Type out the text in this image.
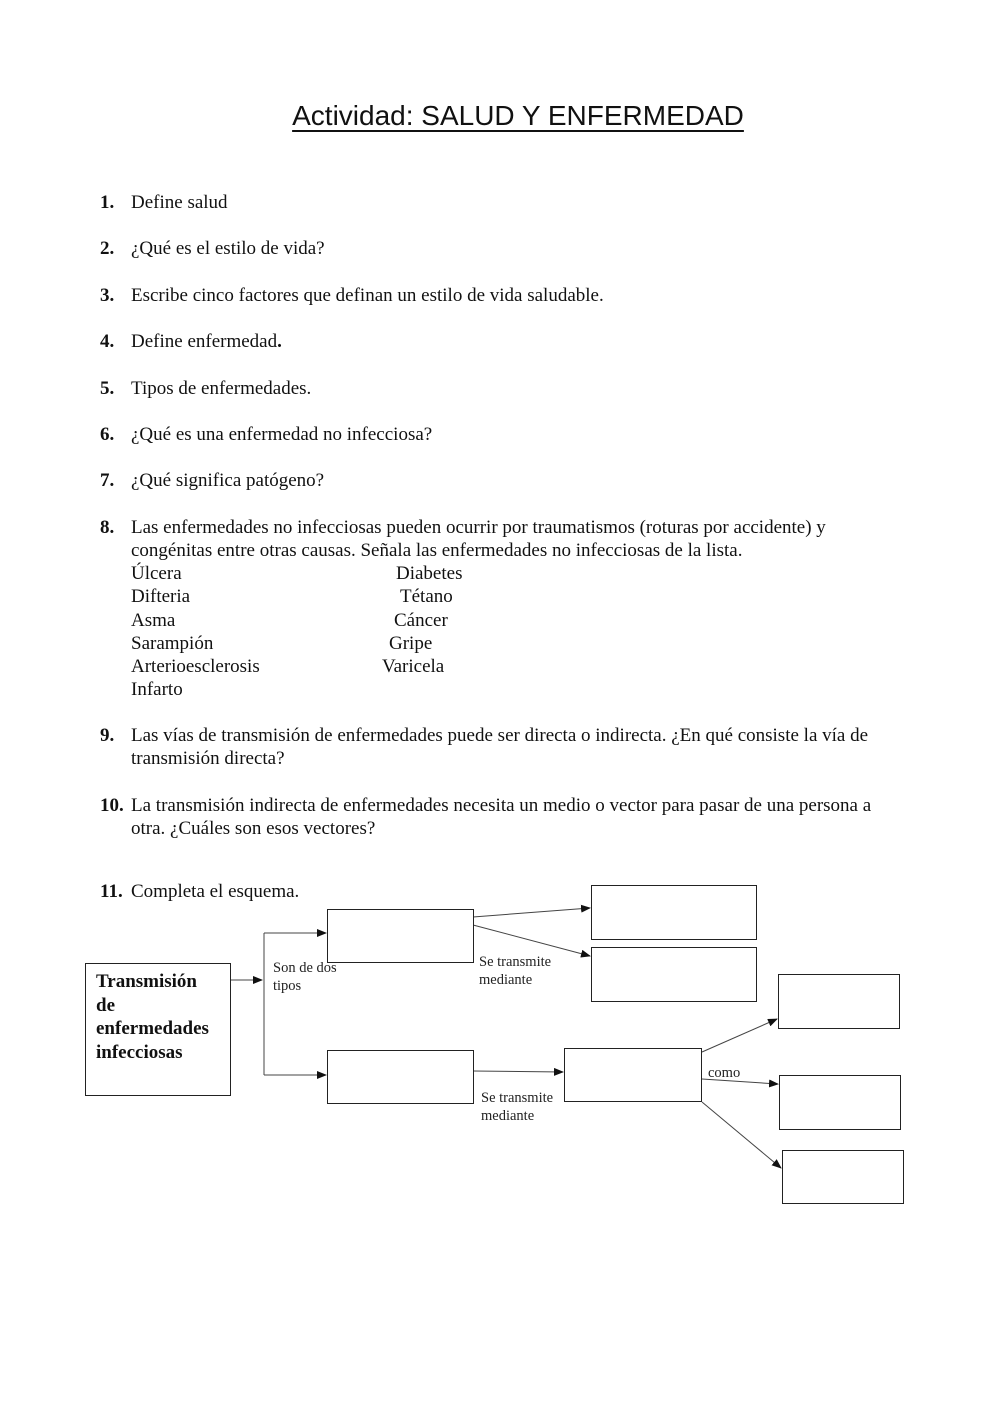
Actividad: SALUD Y ENFERMEDAD
1. Define salud
2. ¿Qué es el estilo de vida?
3. Escribe cinco factores que definan un estilo de vida saludable.
4. Define enfermedad.
5. Tipos de enfermedades.
6. ¿Qué es una enfermedad no infecciosa?
7. ¿Qué significa patógeno?
8. Las enfermedades no infecciosas pueden ocurrir por traumatismos (roturas por accidente) y congénitas entre otras causas. Señala las enfermedades no infecciosas de la lista.
Úlcera
Difteria
Asma
Sarampión
Arterioesclerosis
Infarto
Diabetes
Tétano
Cáncer
Gripe
Varicela
9. Las vías de transmisión de enfermedades puede ser directa o indirecta. ¿En qué consiste la vía de transmisión directa?
10. La transmisión indirecta de enfermedades necesita un medio o vector para pasar de una persona a otra. ¿Cuáles son esos vectores?
11. Completa el esquema.
Transmisión
de
enfermedades
infecciosas
Son de dos
tipos
Se transmite
mediante
Se transmite
mediante
como
